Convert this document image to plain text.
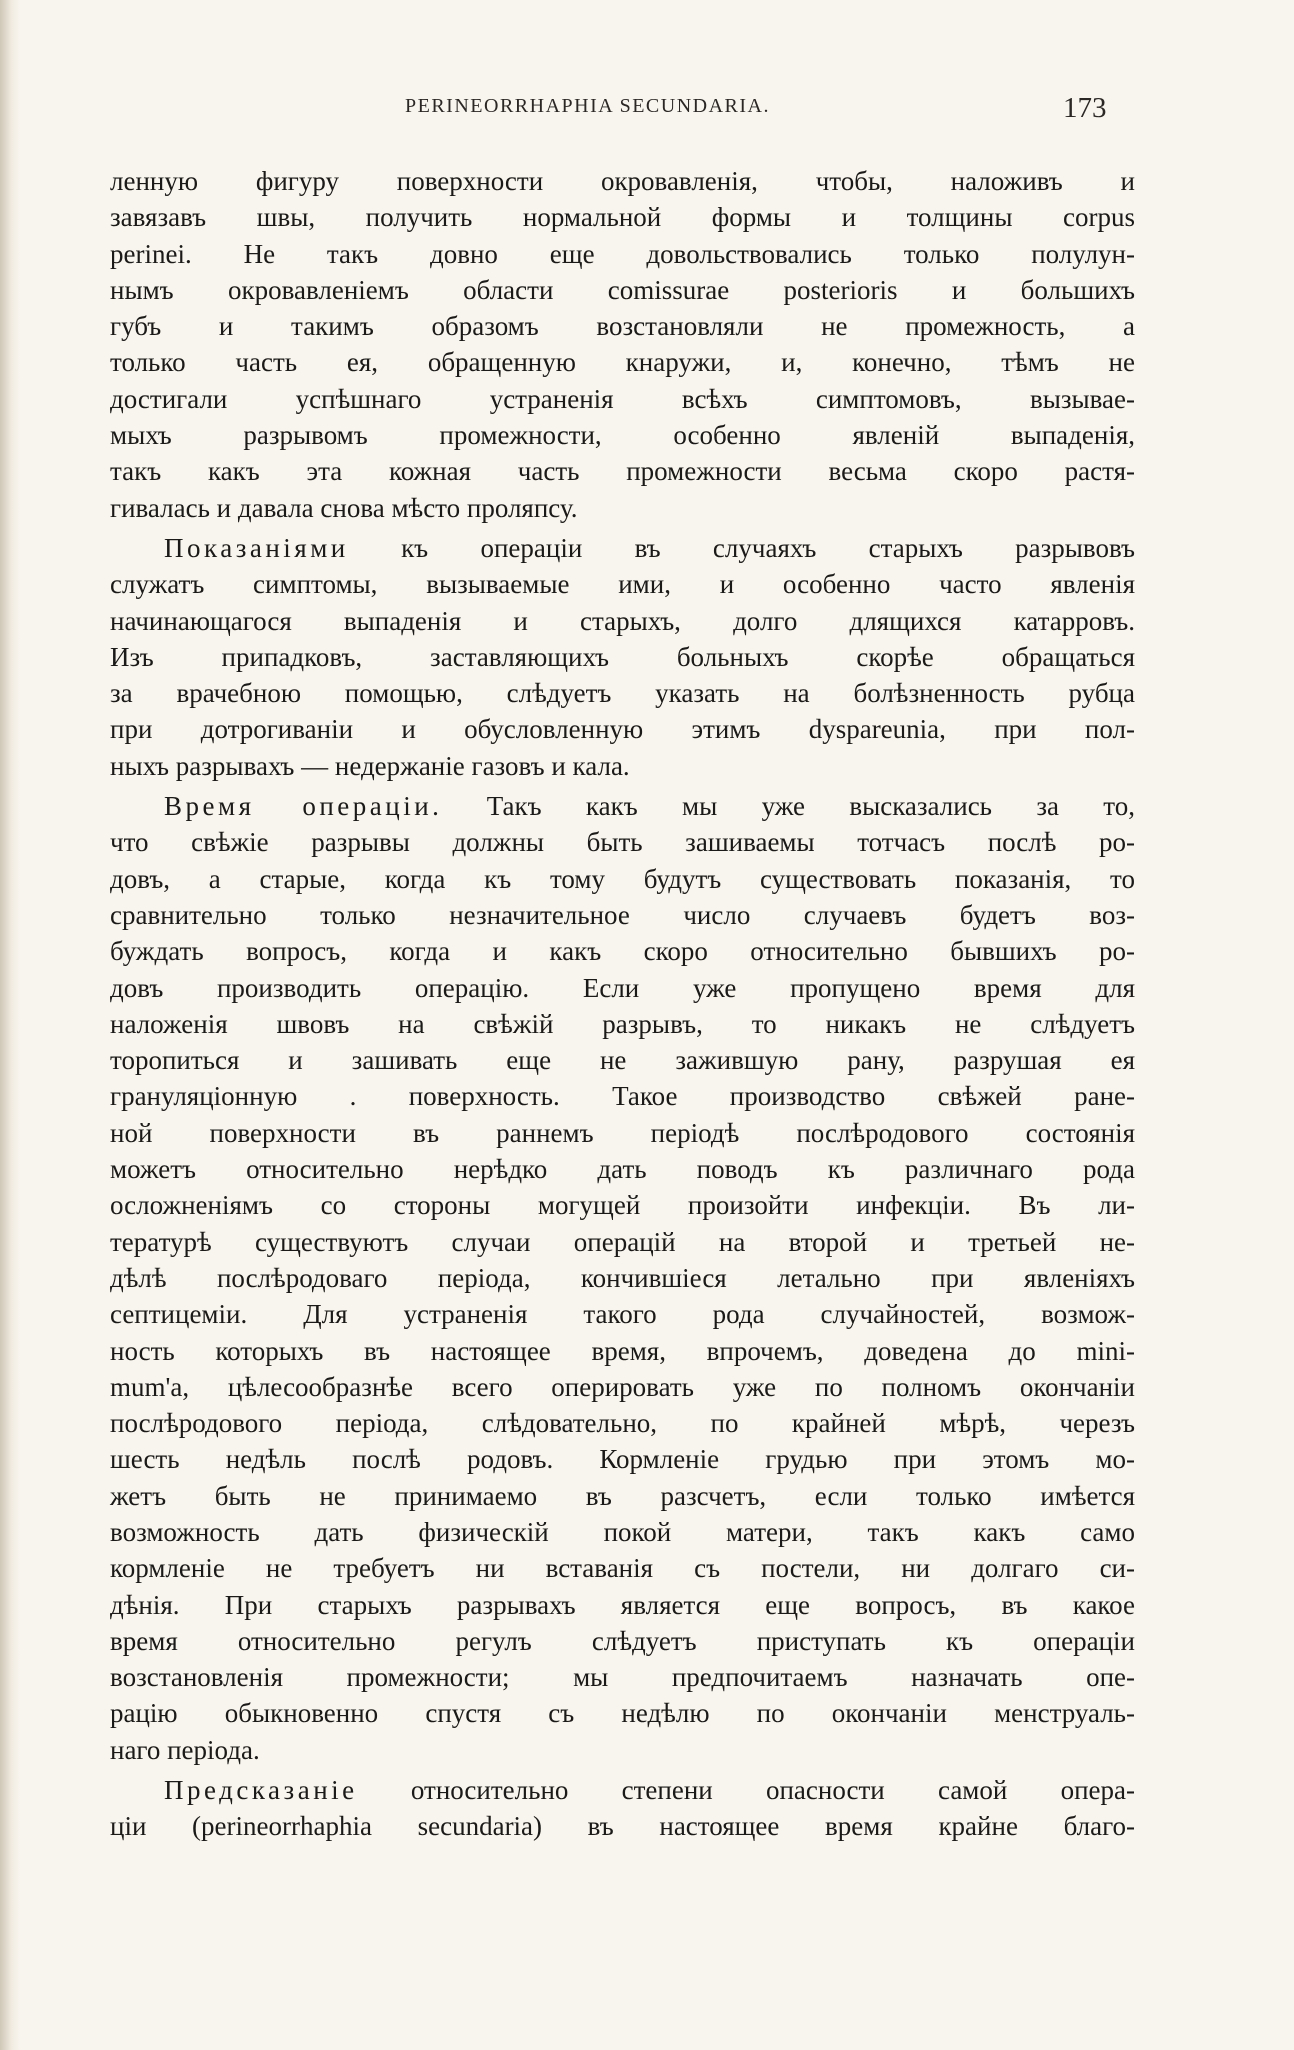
PERINEORRHAPHIA SECUNDARIA.	173
ленную фигуру поверхности окровавленія, чтобы, наложивъ и
завязавъ швы, получить нормальной формы и толщины corpus
perinei. Не такъ довно еще довольствовались только полулун-
нымъ окровавленіемъ области comissurae posterioris и большихъ
губъ и такимъ образомъ возстановляли не промежность, а
только часть ея, обращенную кнаружи, и, конечно, тѣмъ не
достигали успѣшнаго устраненія всѣхъ симптомовъ, вызывае-
мыхъ разрывомъ промежности, особенно явленій выпаденія,
такъ какъ эта кожная часть промежности весьма скоро растя-
гивалась и давала снова мѣсто проляпсу.
Показаніями къ операціи въ случаяхъ старыхъ разрывовъ
служатъ симптомы, вызываемые ими, и особенно часто явленія
начинающагося выпаденія и старыхъ, долго длящихся катарровъ.
Изъ припадковъ, заставляющихъ больныхъ скорѣе обращаться
за врачебною помощью, слѣдуетъ указать на болѣзненность рубца
при дотрогиваніи и обусловленную этимъ dyspareunia, при пол-
ныхъ разрывахъ — недержаніе газовъ и кала.
Время операціи. Такъ какъ мы уже высказались за то,
что свѣжіе разрывы должны быть зашиваемы тотчасъ послѣ ро-
довъ, а старые, когда къ тому будутъ существовать показанія, то
сравнительно только незначительное число случаевъ будетъ воз-
буждать вопросъ, когда и какъ скоро относительно бывшихъ ро-
довъ производить операцію. Если уже пропущено время для
наложенія швовъ на свѣжій разрывъ, то никакъ не слѣдуетъ
торопиться и зашивать еще не зажившую рану, разрушая ея
грануляціонную . поверхность. Такое производство свѣжей ране-
ной поверхности въ раннемъ періодѣ послѣродового состоянія
можетъ относительно нерѣдко дать поводъ къ различнаго рода
осложненіямъ со стороны могущей произойти инфекціи. Въ ли-
тературѣ существуютъ случаи операцій на второй и третьей не-
дѣлѣ послѣродоваго періода, кончившіеся летально при явленіяхъ
септицеміи. Для устраненія такого рода случайностей, возмож-
ность которыхъ въ настоящее время, впрочемъ, доведена до mini-
mum'а, цѣлесообразнѣе всего оперировать уже по полномъ окончаніи
послѣродового періода, слѣдовательно, по крайней мѣрѣ, черезъ
шесть недѣль послѣ родовъ. Кормленіе грудью при этомъ мо-
жетъ быть не принимаемо въ разсчетъ, если только имѣется
возможность дать физическій покой матери, такъ какъ само
кормленіе не требуетъ ни вставанія съ постели, ни долгаго си-
дѣнія. При старыхъ разрывахъ является еще вопросъ, въ какое
время относительно регулъ слѣдуетъ приступать къ операціи
возстановленія промежности; мы предпочитаемъ назначать опе-
рацію обыкновенно спустя съ недѣлю по окончаніи менструаль-
наго періода.
Предсказаніе относительно степени опасности самой опера-
ціи (perineorrhaphia secundaria) въ настоящее время крайне благо-
